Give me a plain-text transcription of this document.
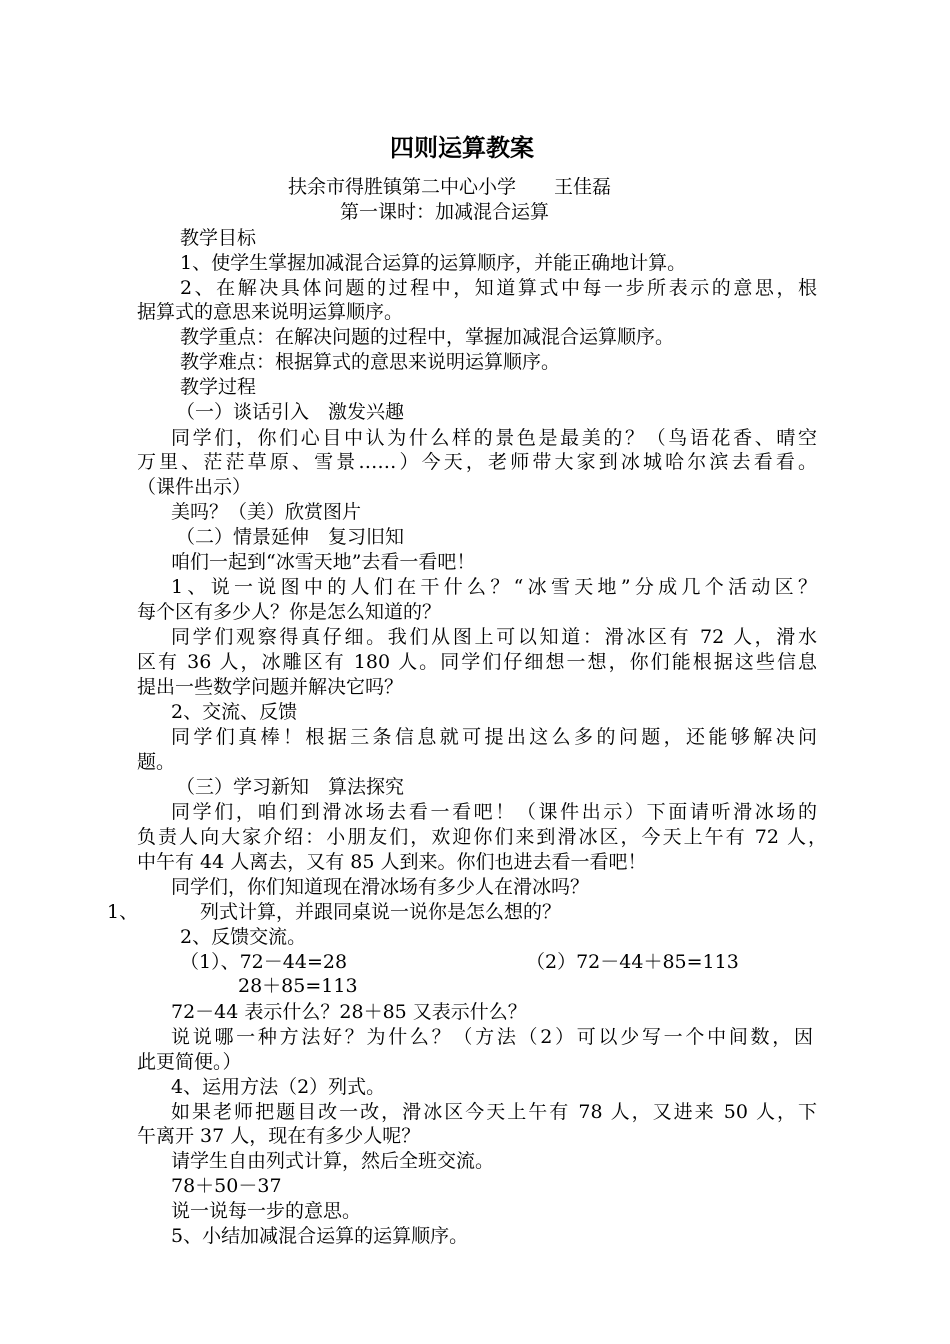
四则运算教案
扶余市得胜镇第二中心小学　　王佳磊
第一课时：加减混合运算
教学目标
1、使学生掌握加减混合运算的运算顺序，并能正确地计算。
2、在解决具体问题的过程中，知道算式中每一步所表示的意思，根
据算式的意思来说明运算顺序。
教学重点：在解决问题的过程中，掌握加减混合运算顺序。
教学难点：根据算式的意思来说明运算顺序。
教学过程
（一）谈话引入　激发兴趣
同学们，你们心目中认为什么样的景色是最美的？（鸟语花香、晴空
万里、茫茫草原、雪景……）今天，老师带大家到冰城哈尔滨去看看。
（课件出示）
美吗？（美）欣赏图片
（二）情景延伸　复习旧知
咱们一起到“冰雪天地”去看一看吧！
1、说一说图中的人们在干什么？“冰雪天地”分成几个活动区？
每个区有多少人？你是怎么知道的？
同学们观察得真仔细。我们从图上可以知道：滑冰区有 72 人，滑水
区有 36 人，冰雕区有 180 人。同学们仔细想一想，你们能根据这些信息
提出一些数学问题并解决它吗？
2、交流、反馈
同学们真棒！根据三条信息就可提出这么多的问题，还能够解决问
题。
（三）学习新知　算法探究
同学们，咱们到滑冰场去看一看吧！（课件出示）下面请听滑冰场的
负责人向大家介绍：小朋友们，欢迎你们来到滑冰区，今天上午有 72 人，
中午有 44 人离去，又有 85 人到来。你们也进去看一看吧！
同学们，你们知道现在滑冰场有多少人在滑冰吗？
1、	列式计算，并跟同桌说一说你是怎么想的？
2、反馈交流。
（1）、72－44=28	（2）72－44＋85=113
28＋85=113
72－44 表示什么？28＋85 又表示什么？
说说哪一种方法好？为什么？（方法（2）可以少写一个中间数，因
此更简便。）
4、运用方法（2）列式。
如果老师把题目改一改，滑冰区今天上午有 78 人，又进来 50 人，下
午离开 37 人，现在有多少人呢？
请学生自由列式计算，然后全班交流。
78＋50－37
说一说每一步的意思。
5、小结加减混合运算的运算顺序。
